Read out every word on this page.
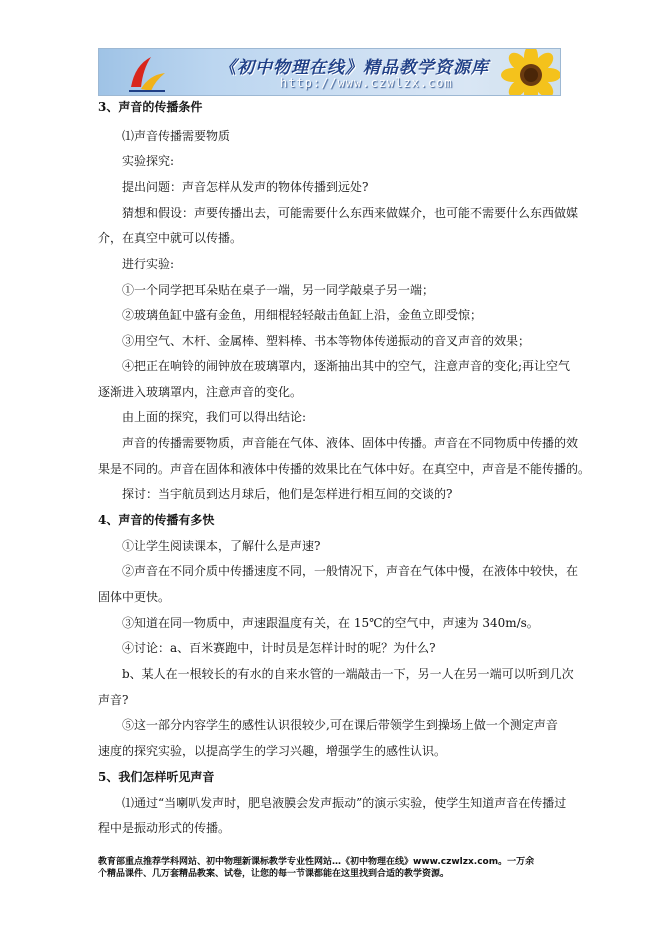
《初中物理在线》精品教学资源库
http://www.czwlzx.com
3、声音的传播条件
⑴声音传播需要物质
实验探究:
提出问题：声音怎样从发声的物体传播到远处?
猜想和假设：声要传播出去，可能需要什么东西来做媒介，也可能不需要什么东西做媒
介，在真空中就可以传播。
进行实验:
①一个同学把耳朵贴在桌子一端，另一同学敲桌子另一端；
②玻璃鱼缸中盛有金鱼，用细棍轻轻敲击鱼缸上沿，金鱼立即受惊；
③用空气、木杆、金属棒、塑料棒、书本等物体传递振动的音叉声音的效果；
④把正在响铃的闹钟放在玻璃罩内，逐渐抽出其中的空气，注意声音的变化;再让空气
逐渐进入玻璃罩内，注意声音的变化。
由上面的探究，我们可以得出结论:
声音的传播需要物质，声音能在气体、液体、固体中传播。声音在不同物质中传播的效
果是不同的。声音在固体和液体中传播的效果比在气体中好。在真空中，声音是不能传播的。
探讨：当宇航员到达月球后，他们是怎样进行相互间的交谈的?
4、声音的传播有多快
①让学生阅读课本，了解什么是声速?
②声音在不同介质中传播速度不同，一般情况下，声音在气体中慢，在液体中较快，在
固体中更快。
③知道在同一物质中，声速跟温度有关，在 15℃的空气中，声速为 340m/s。
④讨论：a、百米赛跑中，计时员是怎样计时的呢？为什么?
b、某人在一根较长的有水的自来水管的一端敲击一下，另一人在另一端可以听到几次
声音?
⑤这一部分内容学生的感性认识很较少,可在课后带领学生到操场上做一个测定声音
速度的探究实验，以提高学生的学习兴趣，增强学生的感性认识。
5、我们怎样听见声音
⑴通过“当喇叭发声时，肥皂液膜会发声振动”的演示实验，使学生知道声音在传播过
程中是振动形式的传播。
教育部重点推荐学科网站、初中物理新课标教学专业性网站…《初中物理在线》www.czwlzx.com。一万余
个精品课件、几万套精品教案、试卷，让您的每一节课都能在这里找到合适的教学资源。
